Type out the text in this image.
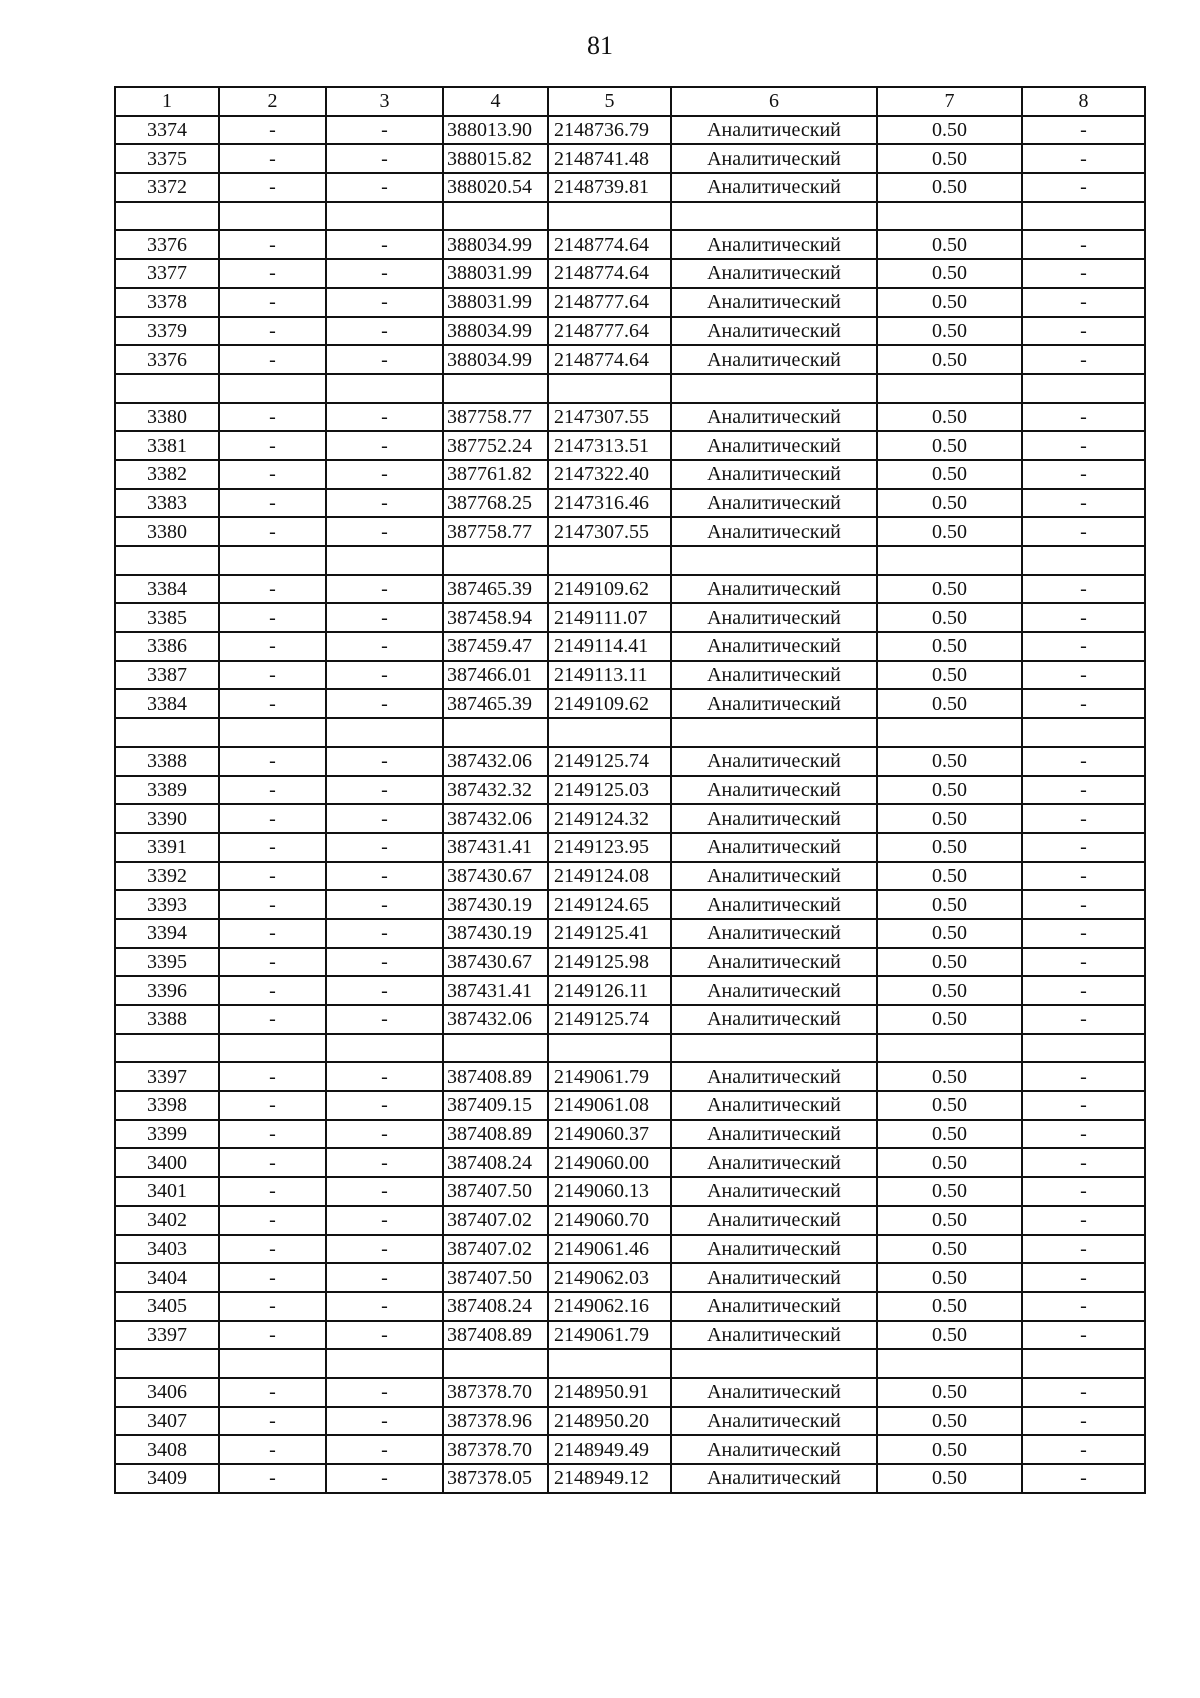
81
1	2	3	4	5	6	7	8
3374	-	-	388013.90	2148736.79	Аналитический	0.50	-
3375	-	-	388015.82	2148741.48	Аналитический	0.50	-
3372	-	-	388020.54	2148739.81	Аналитический	0.50	-

3376	-	-	388034.99	2148774.64	Аналитический	0.50	-
3377	-	-	388031.99	2148774.64	Аналитический	0.50	-
3378	-	-	388031.99	2148777.64	Аналитический	0.50	-
3379	-	-	388034.99	2148777.64	Аналитический	0.50	-
3376	-	-	388034.99	2148774.64	Аналитический	0.50	-

3380	-	-	387758.77	2147307.55	Аналитический	0.50	-
3381	-	-	387752.24	2147313.51	Аналитический	0.50	-
3382	-	-	387761.82	2147322.40	Аналитический	0.50	-
3383	-	-	387768.25	2147316.46	Аналитический	0.50	-
3380	-	-	387758.77	2147307.55	Аналитический	0.50	-

3384	-	-	387465.39	2149109.62	Аналитический	0.50	-
3385	-	-	387458.94	2149111.07	Аналитический	0.50	-
3386	-	-	387459.47	2149114.41	Аналитический	0.50	-
3387	-	-	387466.01	2149113.11	Аналитический	0.50	-
3384	-	-	387465.39	2149109.62	Аналитический	0.50	-

3388	-	-	387432.06	2149125.74	Аналитический	0.50	-
3389	-	-	387432.32	2149125.03	Аналитический	0.50	-
3390	-	-	387432.06	2149124.32	Аналитический	0.50	-
3391	-	-	387431.41	2149123.95	Аналитический	0.50	-
3392	-	-	387430.67	2149124.08	Аналитический	0.50	-
3393	-	-	387430.19	2149124.65	Аналитический	0.50	-
3394	-	-	387430.19	2149125.41	Аналитический	0.50	-
3395	-	-	387430.67	2149125.98	Аналитический	0.50	-
3396	-	-	387431.41	2149126.11	Аналитический	0.50	-
3388	-	-	387432.06	2149125.74	Аналитический	0.50	-

3397	-	-	387408.89	2149061.79	Аналитический	0.50	-
3398	-	-	387409.15	2149061.08	Аналитический	0.50	-
3399	-	-	387408.89	2149060.37	Аналитический	0.50	-
3400	-	-	387408.24	2149060.00	Аналитический	0.50	-
3401	-	-	387407.50	2149060.13	Аналитический	0.50	-
3402	-	-	387407.02	2149060.70	Аналитический	0.50	-
3403	-	-	387407.02	2149061.46	Аналитический	0.50	-
3404	-	-	387407.50	2149062.03	Аналитический	0.50	-
3405	-	-	387408.24	2149062.16	Аналитический	0.50	-
3397	-	-	387408.89	2149061.79	Аналитический	0.50	-

3406	-	-	387378.70	2148950.91	Аналитический	0.50	-
3407	-	-	387378.96	2148950.20	Аналитический	0.50	-
3408	-	-	387378.70	2148949.49	Аналитический	0.50	-
3409	-	-	387378.05	2148949.12	Аналитический	0.50	-
